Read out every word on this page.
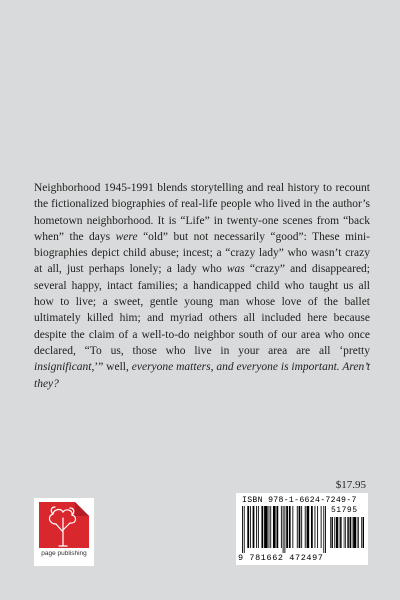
Neighborhood 1945-1991 blends storytelling and real history to recount the fictionalized biographies of real-life people who lived in the author’s hometown neighborhood. It is “Life” in twenty-one scenes from “back when” the days were “old” but not necessarily “good”: These mini-biographies depict child abuse; incest; a “crazy lady” who wasn’t crazy at all, just perhaps lonely; a lady who was “crazy” and disappeared; several happy, intact families; a handicapped child who taught us all how to live; a sweet, gentle young man whose love of the ballet ultimately killed him; and myriad others all included here because despite the claim of a well-to-do neighbor south of our area who once declared, “To us, those who live in your area are all ‘pretty insignificant,’” well, everyone matters, and everyone is important. Aren’t they?

$17.95
page publishing
ISBN 978-1-6624-7249-7
51795
9 781662 472497
